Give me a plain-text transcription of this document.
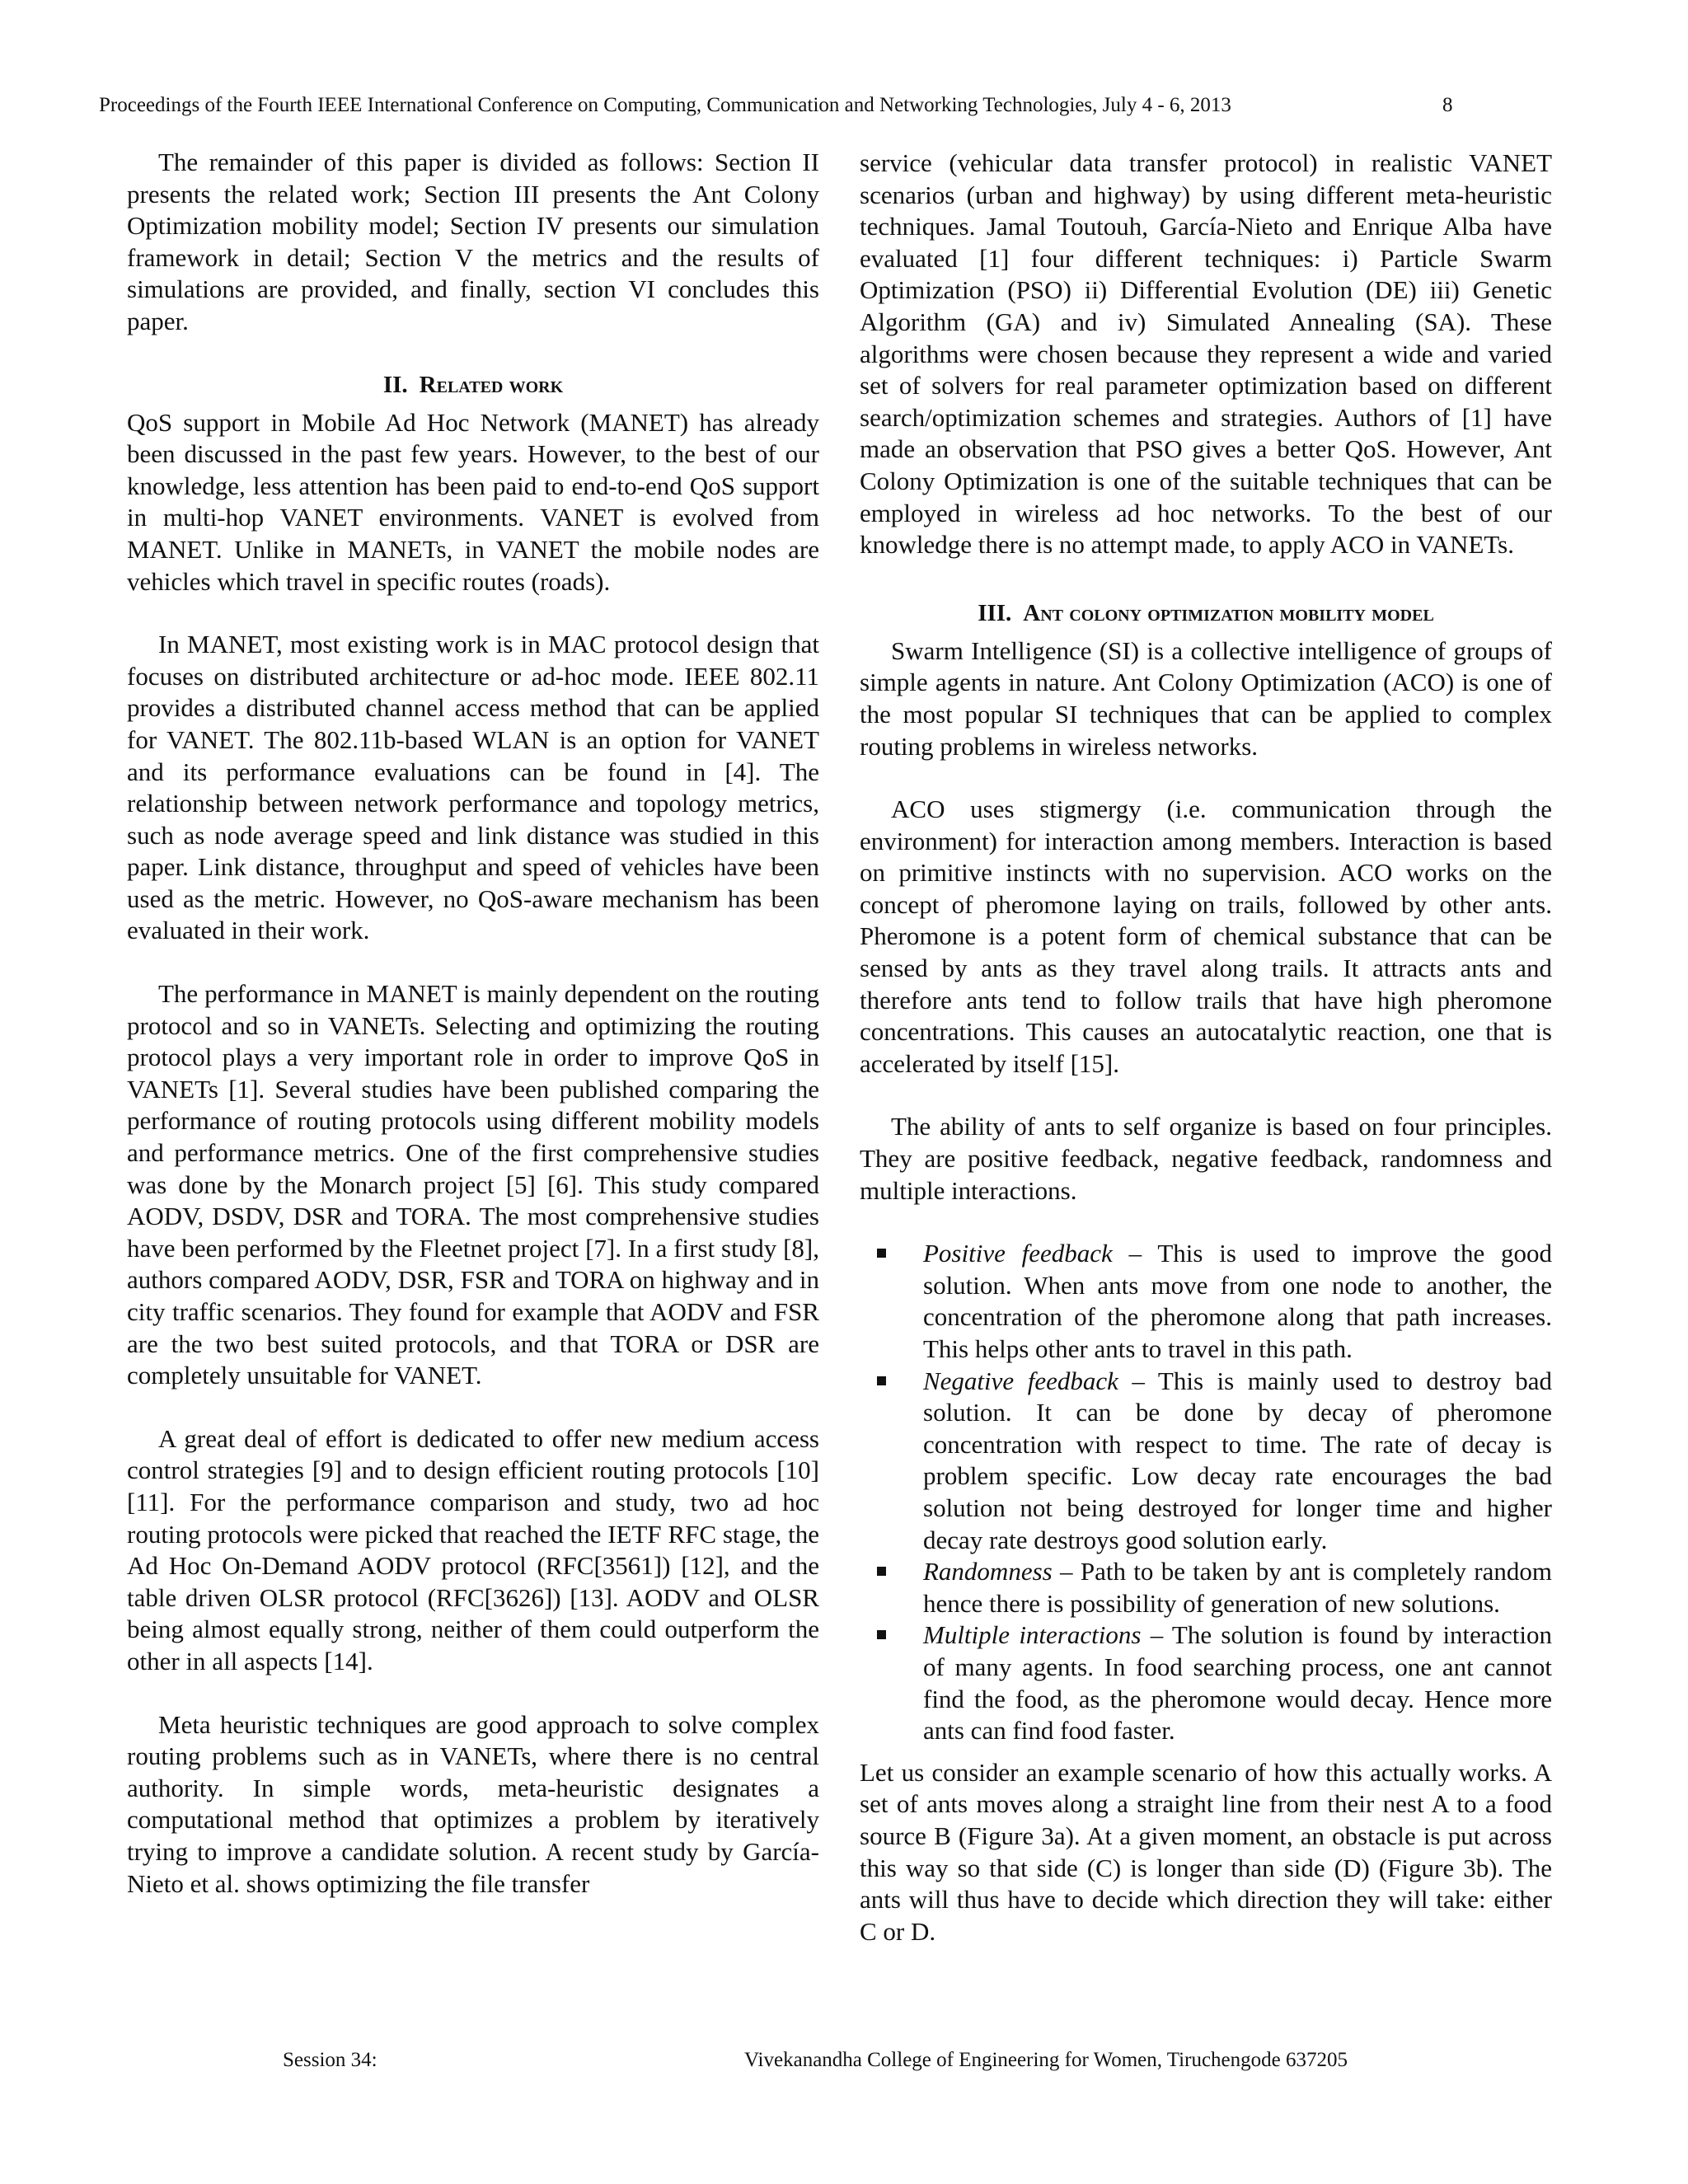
Proceedings of the Fourth IEEE International Conference on Computing, Communication and Networking Technologies, July 4 - 6, 2013	8

The remainder of this paper is divided as follows: Section II presents the related work; Section III presents the Ant Colony Optimization mobility model; Section IV presents our simulation framework in detail; Section V the metrics and the results of simulations are provided, and finally, section VI concludes this paper.

II. Related work

QoS support in Mobile Ad Hoc Network (MANET) has already been discussed in the past few years. However, to the best of our knowledge, less attention has been paid to end-to-end QoS support in multi-hop VANET environments. VANET is evolved from MANET. Unlike in MANETs, in VANET the mobile nodes are vehicles which travel in specific routes (roads).

In MANET, most existing work is in MAC protocol design that focuses on distributed architecture or ad-hoc mode. IEEE 802.11 provides a distributed channel access method that can be applied for VANET. The 802.11b-based WLAN is an option for VANET and its performance evaluations can be found in [4]. The relationship between network performance and topology metrics, such as node average speed and link distance was studied in this paper. Link distance, throughput and speed of vehicles have been used as the metric. However, no QoS-aware mechanism has been evaluated in their work.

The performance in MANET is mainly dependent on the routing protocol and so in VANETs. Selecting and optimizing the routing protocol plays a very important role in order to improve QoS in VANETs [1]. Several studies have been published comparing the performance of routing protocols using different mobility models and performance metrics. One of the first comprehensive studies was done by the Monarch project [5] [6]. This study compared AODV, DSDV, DSR and TORA. The most comprehensive studies have been performed by the Fleetnet project [7]. In a first study [8], authors compared AODV, DSR, FSR and TORA on highway and in city traffic scenarios. They found for example that AODV and FSR are the two best suited protocols, and that TORA or DSR are completely unsuitable for VANET.

A great deal of effort is dedicated to offer new medium access control strategies [9] and to design efficient routing protocols [10] [11]. For the performance comparison and study, two ad hoc routing protocols were picked that reached the IETF RFC stage, the Ad Hoc On-Demand AODV protocol (RFC[3561]) [12], and the table driven OLSR protocol (RFC[3626]) [13]. AODV and OLSR being almost equally strong, neither of them could outperform the other in all aspects [14].

Meta heuristic techniques are good approach to solve complex routing problems such as in VANETs, where there is no central authority. In simple words, meta-heuristic designates a computational method that optimizes a problem by iteratively trying to improve a candidate solution. A recent study by García-Nieto et al. shows optimizing the file transfer

service (vehicular data transfer protocol) in realistic VANET scenarios (urban and highway) by using different meta-heuristic techniques. Jamal Toutouh, García-Nieto and Enrique Alba have evaluated [1] four different techniques: i) Particle Swarm Optimization (PSO) ii) Differential Evolution (DE) iii) Genetic Algorithm (GA) and iv) Simulated Annealing (SA). These algorithms were chosen because they represent a wide and varied set of solvers for real parameter optimization based on different search/optimization schemes and strategies. Authors of [1] have made an observation that PSO gives a better QoS. However, Ant Colony Optimization is one of the suitable techniques that can be employed in wireless ad hoc networks. To the best of our knowledge there is no attempt made, to apply ACO in VANETs.

III. Ant colony optimization mobility model

Swarm Intelligence (SI) is a collective intelligence of groups of simple agents in nature. Ant Colony Optimization (ACO) is one of the most popular SI techniques that can be applied to complex routing problems in wireless networks.

ACO uses stigmergy (i.e. communication through the environment) for interaction among members. Interaction is based on primitive instincts with no supervision. ACO works on the concept of pheromone laying on trails, followed by other ants. Pheromone is a potent form of chemical substance that can be sensed by ants as they travel along trails. It attracts ants and therefore ants tend to follow trails that have high pheromone concentrations. This causes an autocatalytic reaction, one that is accelerated by itself [15].

The ability of ants to self organize is based on four principles. They are positive feedback, negative feedback, randomness and multiple interactions.

Positive feedback – This is used to improve the good solution. When ants move from one node to another, the concentration of the pheromone along that path increases. This helps other ants to travel in this path.
Negative feedback – This is mainly used to destroy bad solution. It can be done by decay of pheromone concentration with respect to time. The rate of decay is problem specific. Low decay rate encourages the bad solution not being destroyed for longer time and higher decay rate destroys good solution early.
Randomness – Path to be taken by ant is completely random hence there is possibility of generation of new solutions.
Multiple interactions – The solution is found by interaction of many agents. In food searching process, one ant cannot find the food, as the pheromone would decay. Hence more ants can find food faster.

Let us consider an example scenario of how this actually works. A set of ants moves along a straight line from their nest A to a food source B (Figure 3a). At a given moment, an obstacle is put across this way so that side (C) is longer than side (D) (Figure 3b). The ants will thus have to decide which direction they will take: either C or D.

Session 34:	Vivekanandha College of Engineering for Women, Tiruchengode 637205
